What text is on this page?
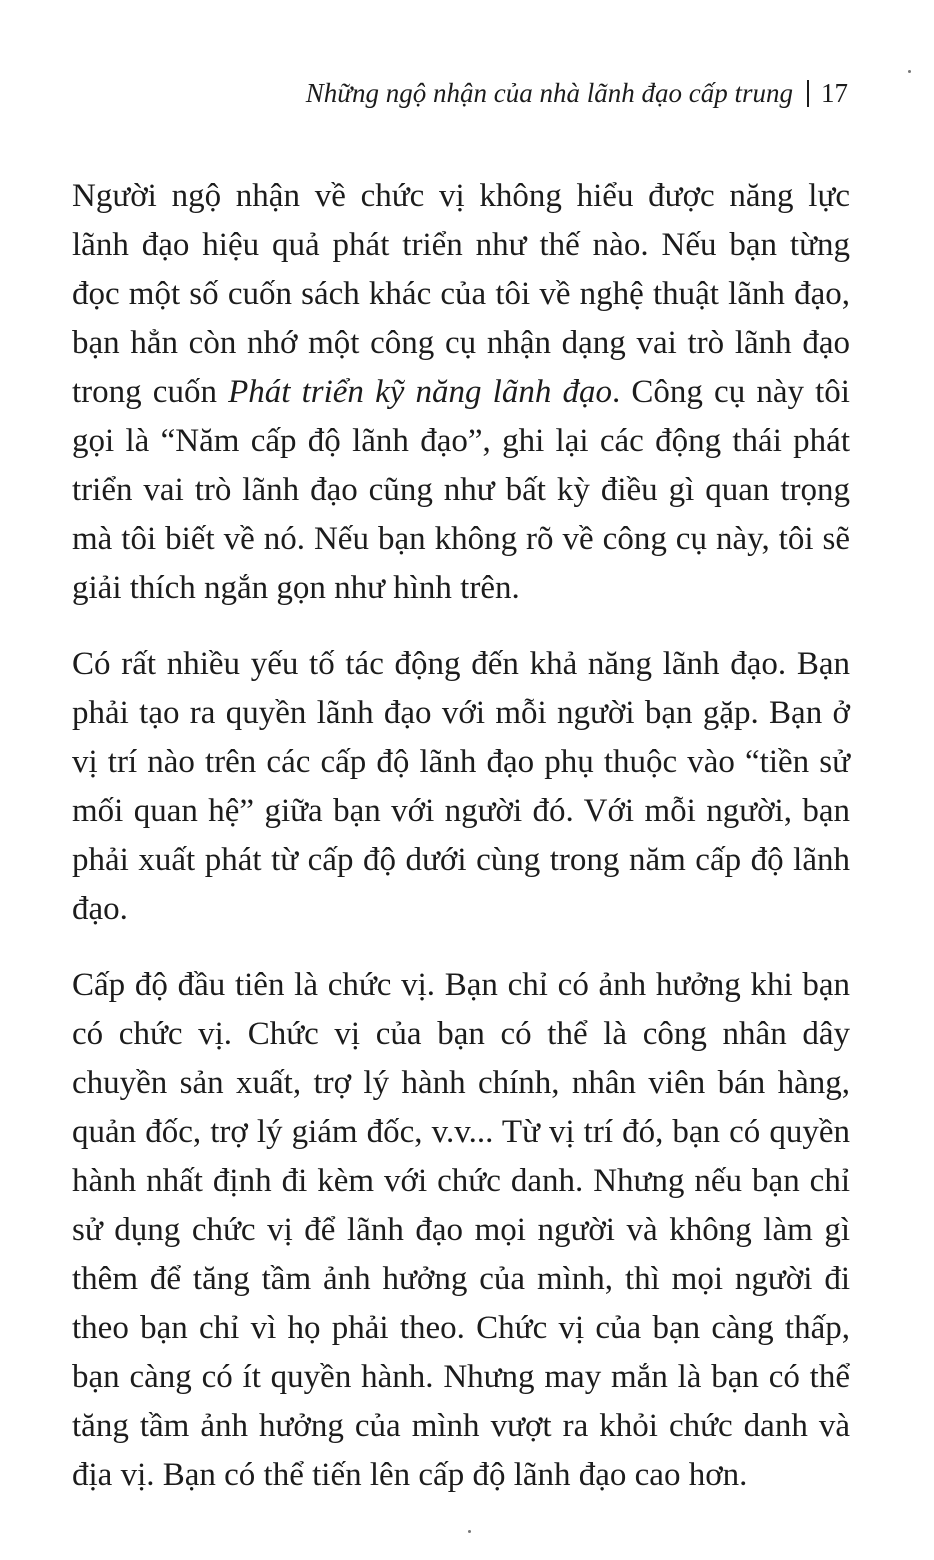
Những ngộ nhận của nhà lãnh đạo cấp trung 17

Người ngộ nhận về chức vị không hiểu được năng lực lãnh đạo hiệu quả phát triển như thế nào. Nếu bạn từng đọc một số cuốn sách khác của tôi về nghệ thuật lãnh đạo, bạn hẳn còn nhớ một công cụ nhận dạng vai trò lãnh đạo trong cuốn Phát triển kỹ năng lãnh đạo. Công cụ này tôi gọi là “Năm cấp độ lãnh đạo”, ghi lại các động thái phát triển vai trò lãnh đạo cũng như bất kỳ điều gì quan trọng mà tôi biết về nó. Nếu bạn không rõ về công cụ này, tôi sẽ giải thích ngắn gọn như hình trên.

Có rất nhiều yếu tố tác động đến khả năng lãnh đạo. Bạn phải tạo ra quyền lãnh đạo với mỗi người bạn gặp. Bạn ở vị trí nào trên các cấp độ lãnh đạo phụ thuộc vào “tiền sử mối quan hệ” giữa bạn với người đó. Với mỗi người, bạn phải xuất phát từ cấp độ dưới cùng trong năm cấp độ lãnh đạo.

Cấp độ đầu tiên là chức vị. Bạn chỉ có ảnh hưởng khi bạn có chức vị. Chức vị của bạn có thể là công nhân dây chuyền sản xuất, trợ lý hành chính, nhân viên bán hàng, quản đốc, trợ lý giám đốc, v.v... Từ vị trí đó, bạn có quyền hành nhất định đi kèm với chức danh. Nhưng nếu bạn chỉ sử dụng chức vị để lãnh đạo mọi người và không làm gì thêm để tăng tầm ảnh hưởng của mình, thì mọi người đi theo bạn chỉ vì họ phải theo. Chức vị của bạn càng thấp, bạn càng có ít quyền hành. Nhưng may mắn là bạn có thể tăng tầm ảnh hưởng của mình vượt ra khỏi chức danh và địa vị. Bạn có thể tiến lên cấp độ lãnh đạo cao hơn.
